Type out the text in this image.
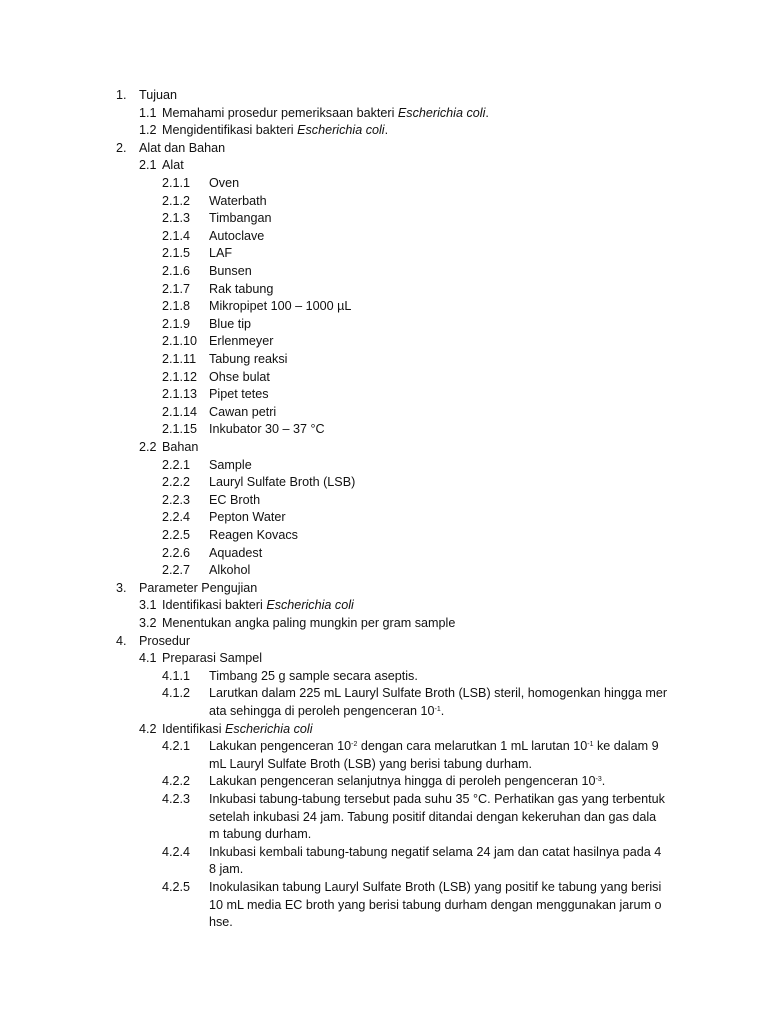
1. Tujuan
1.1 Memahami prosedur pemeriksaan bakteri Escherichia coli.
1.2 Mengidentifikasi bakteri Escherichia coli.
2. Alat dan Bahan
2.1 Alat
2.1.1 Oven
2.1.2 Waterbath
2.1.3 Timbangan
2.1.4 Autoclave
2.1.5 LAF
2.1.6 Bunsen
2.1.7 Rak tabung
2.1.8 Mikropipet 100 – 1000 µL
2.1.9 Blue tip
2.1.10 Erlenmeyer
2.1.11 Tabung reaksi
2.1.12 Ohse bulat
2.1.13 Pipet tetes
2.1.14 Cawan petri
2.1.15 Inkubator 30 – 37 °C
2.2 Bahan
2.2.1 Sample
2.2.2 Lauryl Sulfate Broth (LSB)
2.2.3 EC Broth
2.2.4 Pepton Water
2.2.5 Reagen Kovacs
2.2.6 Aquadest
2.2.7 Alkohol
3. Parameter Pengujian
3.1 Identifikasi bakteri Escherichia coli
3.2 Menentukan angka paling mungkin per gram sample
4. Prosedur
4.1 Preparasi Sampel
4.1.1 Timbang 25 g sample secara aseptis.
4.1.2 Larutkan dalam 225 mL Lauryl Sulfate Broth (LSB) steril, homogenkan hingga mer
ata sehingga di peroleh pengenceran $10^{-1}$.
4.2 Identifikasi Escherichia coli
4.2.1 Lakukan pengenceran $10^{-2}$ dengan cara melarutkan 1 mL larutan $10^{-1}$ ke dalam 9
mL Lauryl Sulfate Broth (LSB) yang berisi tabung durham.
4.2.2 Lakukan pengenceran selanjutnya hingga di peroleh pengenceran $10^{-3}$.
4.2.3 Inkubasi tabung-tabung tersebut pada suhu 35 °C. Perhatikan gas yang terbentuk
setelah inkubasi 24 jam. Tabung positif ditandai dengan kekeruhan dan gas dala
m tabung durham.
4.2.4 Inkubasi kembali tabung-tabung negatif selama 24 jam dan catat hasilnya pada 4
8 jam.
4.2.5 Inokulasikan tabung Lauryl Sulfate Broth (LSB) yang positif ke tabung yang berisi
10 mL media EC broth yang berisi tabung durham dengan menggunakan jarum o
hse.
